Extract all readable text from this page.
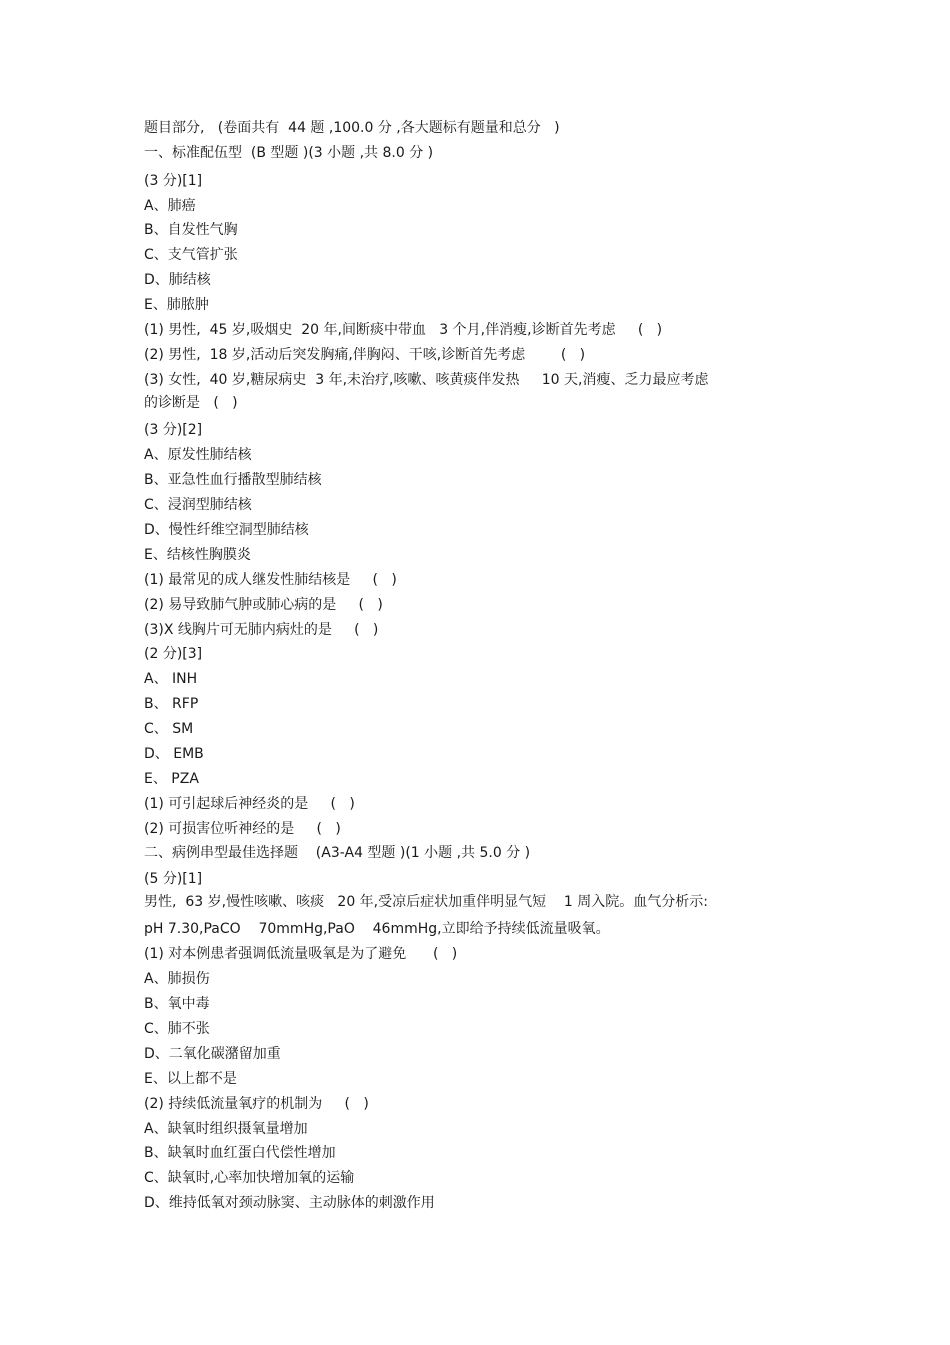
题目部分,   (卷面共有  44 题 ,100.0 分 ,各大题标有题量和总分   )
一、标准配伍型  (B 型题 )(3 小题 ,共 8.0 分 )
(3 分)[1]
A、肺癌
B、自发性气胸
C、支气管扩张
D、肺结核
E、肺脓肿
(1) 男性,  45 岁,吸烟史  20 年,间断痰中带血   3 个月,伴消瘦,诊断首先考虑     (   )
(2) 男性,  18 岁,活动后突发胸痛,伴胸闷、干咳,诊断首先考虑        (   )
(3) 女性,  40 岁,糖尿病史  3 年,未治疗,咳嗽、咳黄痰伴发热     10 天,消瘦、乏力最应考虑
的诊断是   (   )
(3 分)[2]
A、原发性肺结核
B、亚急性血行播散型肺结核
C、浸润型肺结核
D、慢性纤维空洞型肺结核
E、结核性胸膜炎
(1) 最常见的成人继发性肺结核是     (   )
(2) 易导致肺气肿或肺心病的是     (   )
(3)X 线胸片可无肺内病灶的是     (   )
(2 分)[3]
A、 INH
B、 RFP
C、 SM
D、 EMB
E、 PZA
(1) 可引起球后神经炎的是     (   )
(2) 可损害位听神经的是     (   )
二、病例串型最佳选择题    (A3-A4 型题 )(1 小题 ,共 5.0 分 )
(5 分)[1]
男性,  63 岁,慢性咳嗽、咳痰   20 年,受凉后症状加重伴明显气短    1 周入院。血气分析示:
pH 7.30,PaCO    70mmHg,PaO    46mmHg,立即给予持续低流量吸氧。
(1) 对本例患者强调低流量吸氧是为了避免      (   )
A、肺损伤
B、氧中毒
C、肺不张
D、二氧化碳潴留加重
E、以上都不是
(2) 持续低流量氧疗的机制为     (   )
A、缺氧时组织摄氧量增加
B、缺氧时血红蛋白代偿性增加
C、缺氧时,心率加快增加氧的运输
D、维持低氧对颈动脉窦、主动脉体的刺激作用
